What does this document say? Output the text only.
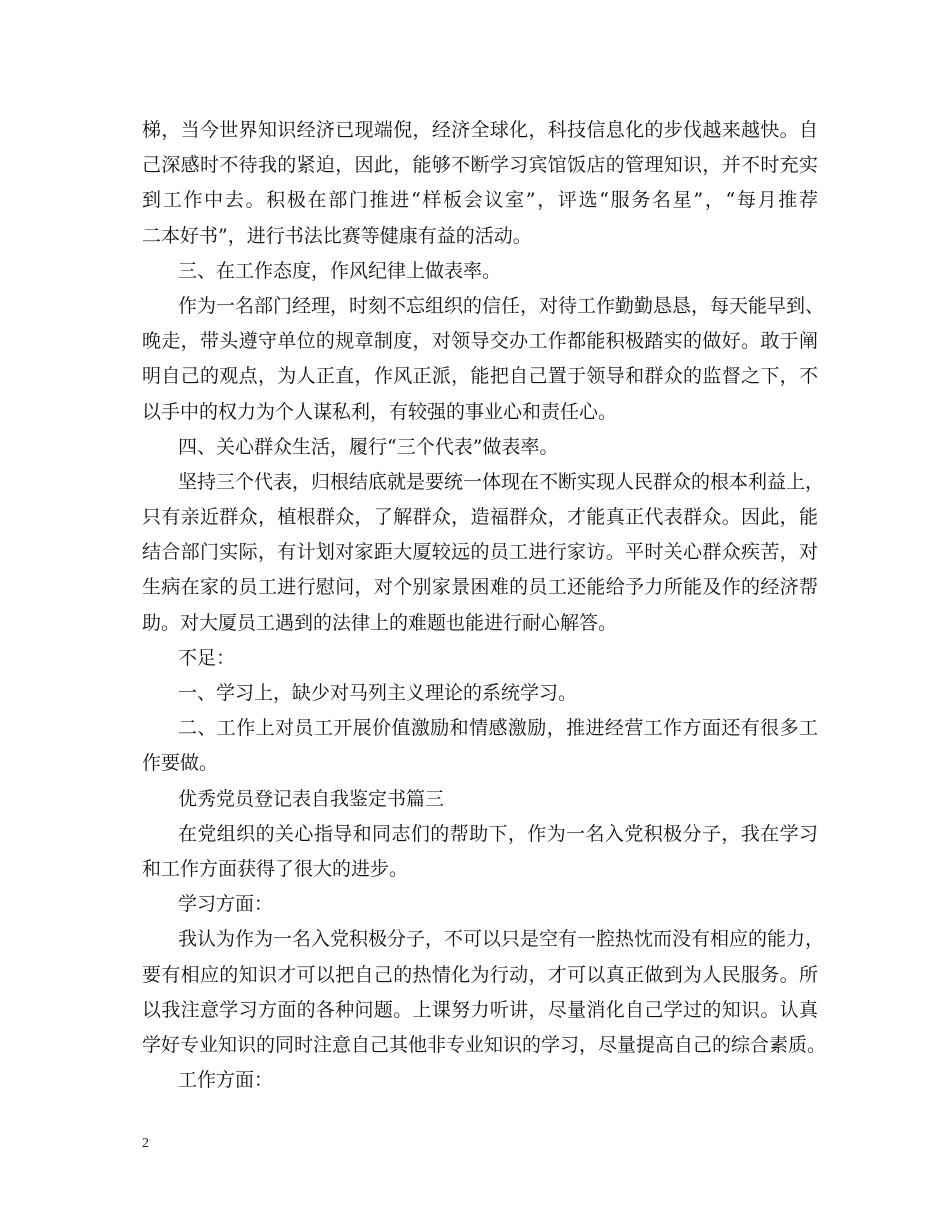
梯，当今世界知识经济已现端倪，经济全球化，科技信息化的步伐越来越快。自
己深感时不待我的紧迫，因此，能够不断学习宾馆饭店的管理知识，并不时充实
到工作中去。积极在部门推进“样板会议室”，评选“服务名星”，“每月推荐
二本好书”，进行书法比赛等健康有益的活动。
三、在工作态度，作风纪律上做表率。
作为一名部门经理，时刻不忘组织的信任，对待工作勤勤恳恳，每天能早到、
晚走，带头遵守单位的规章制度，对领导交办工作都能积极踏实的做好。敢于阐
明自己的观点，为人正直，作风正派，能把自己置于领导和群众的监督之下，不
以手中的权力为个人谋私利，有较强的事业心和责任心。
四、关心群众生活，履行“三个代表”做表率。
坚持三个代表，归根结底就是要统一体现在不断实现人民群众的根本利益上，
只有亲近群众，植根群众，了解群众，造福群众，才能真正代表群众。因此，能
结合部门实际，有计划对家距大厦较远的员工进行家访。平时关心群众疾苦，对
生病在家的员工进行慰问，对个别家景困难的员工还能给予力所能及作的经济帮
助。对大厦员工遇到的法律上的难题也能进行耐心解答。
不足：
一、学习上，缺少对马列主义理论的系统学习。
二、工作上对员工开展价值激励和情感激励，推进经营工作方面还有很多工
作要做。
优秀党员登记表自我鉴定书篇三
在党组织的关心指导和同志们的帮助下，作为一名入党积极分子，我在学习
和工作方面获得了很大的进步。
学习方面：
我认为作为一名入党积极分子，不可以只是空有一腔热忱而没有相应的能力，
要有相应的知识才可以把自己的热情化为行动，才可以真正做到为人民服务。所
以我注意学习方面的各种问题。上课努力听讲，尽量消化自己学过的知识。认真
学好专业知识的同时注意自己其他非专业知识的学习，尽量提高自己的综合素质。
工作方面：
2
